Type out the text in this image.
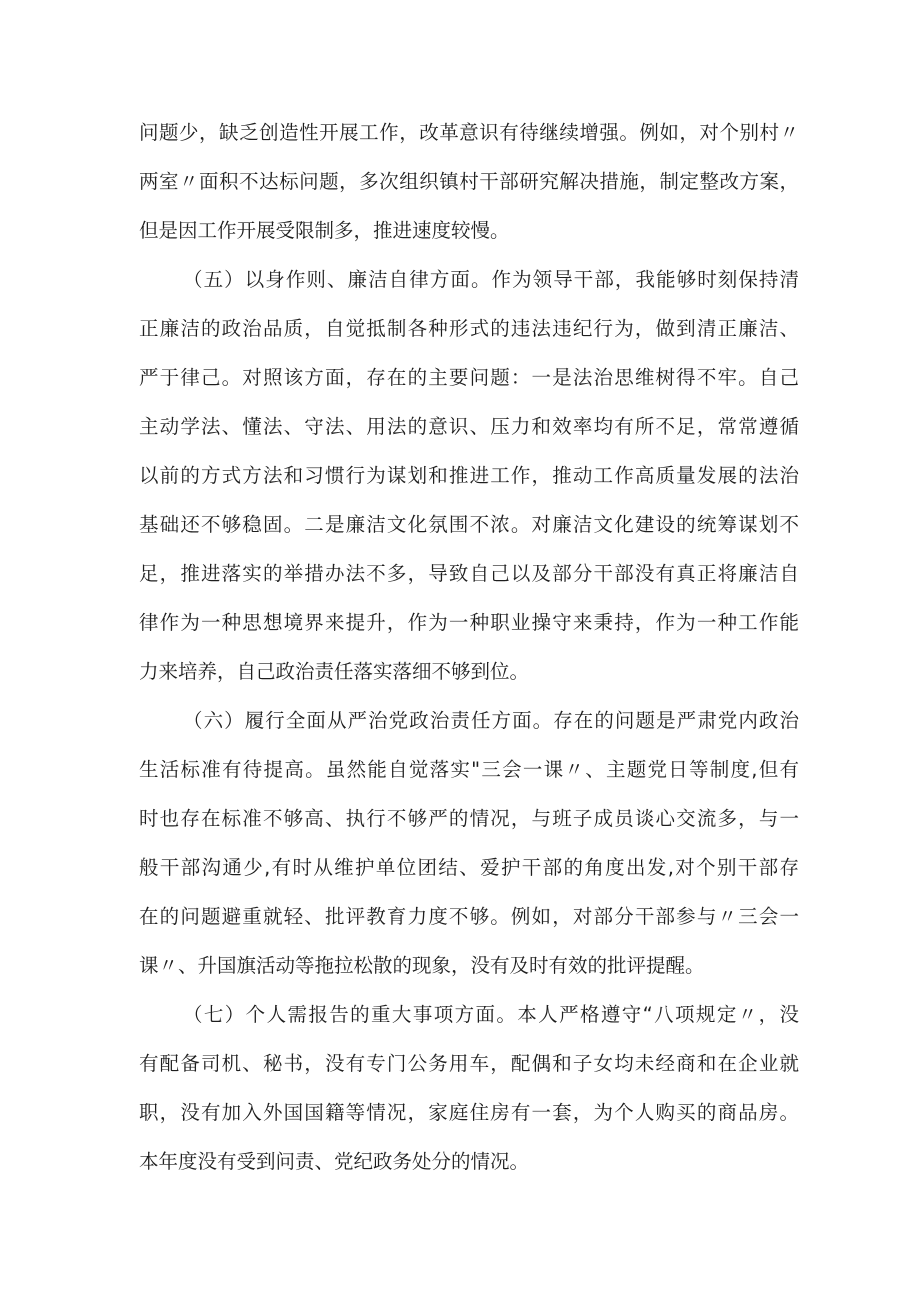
问题少，缺乏创造性开展工作，改革意识有待继续增强。例如，对个别村〃
两室〃面积不达标问题，多次组织镇村干部研究解决措施，制定整改方案，
但是因工作开展受限制多，推进速度较慢。
（五）以身作则、廉洁自律方面。作为领导干部，我能够时刻保持清
正廉洁的政治品质，自觉抵制各种形式的违法违纪行为，做到清正廉洁、
严于律己。对照该方面，存在的主要问题：一是法治思维树得不牢。自己
主动学法、懂法、守法、用法的意识、压力和效率均有所不足，常常遵循
以前的方式方法和习惯行为谋划和推进工作，推动工作高质量发展的法治
基础还不够稳固。二是廉洁文化氛围不浓。对廉洁文化建设的统筹谋划不
足，推进落实的举措办法不多，导致自己以及部分干部没有真正将廉洁自
律作为一种思想境界来提升，作为一种职业操守来秉持，作为一种工作能
力来培养，自己政治责任落实落细不够到位。
（六）履行全面从严治党政治责任方面。存在的问题是严肃党内政治
生活标准有待提高。虽然能自觉落实"三会一课〃、主题党日等制度,但有
时也存在标准不够高、执行不够严的情况，与班子成员谈心交流多，与一
般干部沟通少,有时从维护单位团结、爱护干部的角度出发,对个别干部存
在的问题避重就轻、批评教育力度不够。例如，对部分干部参与〃三会一
课〃、升国旗活动等拖拉松散的现象，没有及时有效的批评提醒。
（七）个人需报告的重大事项方面。本人严格遵守“八项规定〃，没
有配备司机、秘书，没有专门公务用车，配偶和子女均未经商和在企业就
职，没有加入外国国籍等情况，家庭住房有一套，为个人购买的商品房。
本年度没有受到问责、党纪政务处分的情况。
